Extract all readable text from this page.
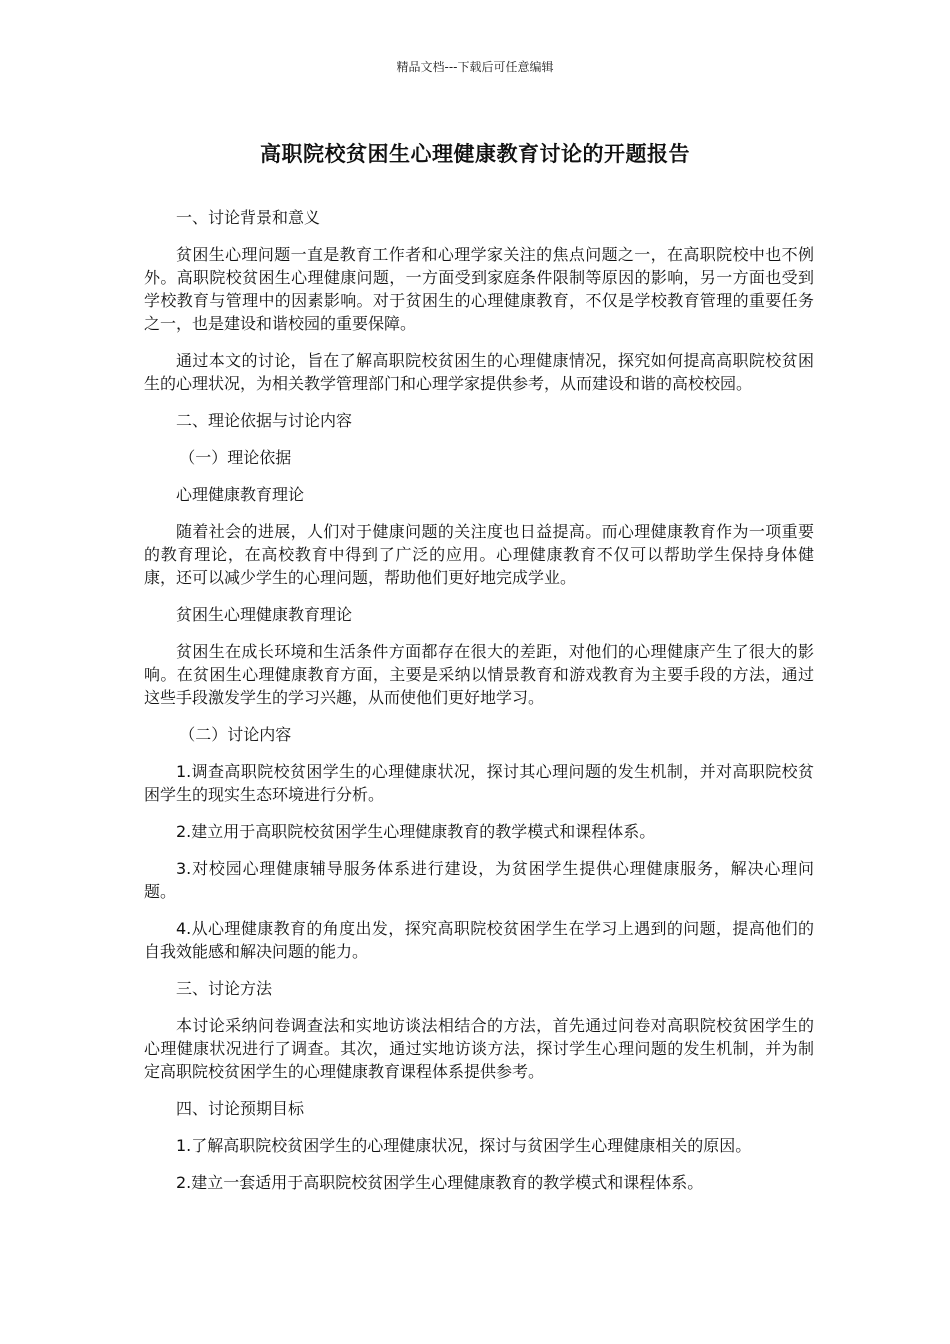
精品文档---下载后可任意编辑
高职院校贫困生心理健康教育讨论的开题报告
一、讨论背景和意义
贫困生心理问题一直是教育工作者和心理学家关注的焦点问题之一，在高职院校中也不例外。高职院校贫困生心理健康问题，一方面受到家庭条件限制等原因的影响，另一方面也受到学校教育与管理中的因素影响。对于贫困生的心理健康教育，不仅是学校教育管理的重要任务之一，也是建设和谐校园的重要保障。
通过本文的讨论，旨在了解高职院校贫困生的心理健康情况，探究如何提高高职院校贫困生的心理状况，为相关教学管理部门和心理学家提供参考，从而建设和谐的高校校园。
二、理论依据与讨论内容
（一）理论依据
心理健康教育理论
随着社会的进展，人们对于健康问题的关注度也日益提高。而心理健康教育作为一项重要的教育理论，在高校教育中得到了广泛的应用。心理健康教育不仅可以帮助学生保持身体健康，还可以减少学生的心理问题，帮助他们更好地完成学业。
贫困生心理健康教育理论
贫困生在成长环境和生活条件方面都存在很大的差距，对他们的心理健康产生了很大的影响。在贫困生心理健康教育方面，主要是采纳以情景教育和游戏教育为主要手段的方法，通过这些手段激发学生的学习兴趣，从而使他们更好地学习。
（二）讨论内容
1.调查高职院校贫困学生的心理健康状况，探讨其心理问题的发生机制，并对高职院校贫困学生的现实生态环境进行分析。
2.建立用于高职院校贫困学生心理健康教育的教学模式和课程体系。
3.对校园心理健康辅导服务体系进行建设，为贫困学生提供心理健康服务，解决心理问题。
4.从心理健康教育的角度出发，探究高职院校贫困学生在学习上遇到的问题，提高他们的自我效能感和解决问题的能力。
三、讨论方法
本讨论采纳问卷调查法和实地访谈法相结合的方法，首先通过问卷对高职院校贫困学生的心理健康状况进行了调查。其次，通过实地访谈方法，探讨学生心理问题的发生机制，并为制定高职院校贫困学生的心理健康教育课程体系提供参考。
四、讨论预期目标
1.了解高职院校贫困学生的心理健康状况，探讨与贫困学生心理健康相关的原因。
2.建立一套适用于高职院校贫困学生心理健康教育的教学模式和课程体系。
